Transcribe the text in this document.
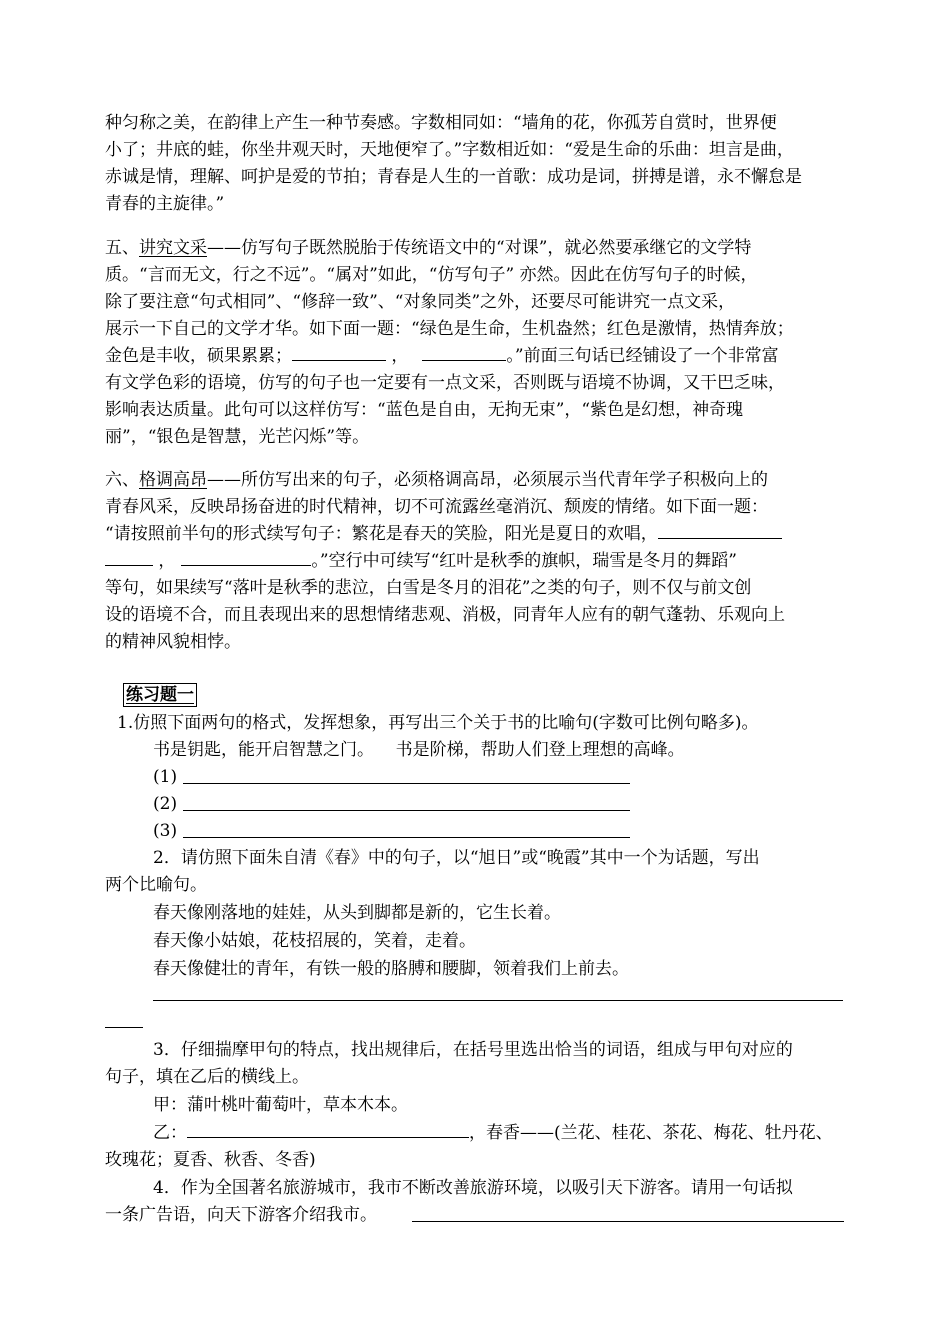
种匀称之美，在韵律上产生一种节奏感。字数相同如：“墙角的花，你孤芳自赏时，世界便
小了；井底的蛙，你坐井观天时，天地便窄了。”字数相近如：“爱是生命的乐曲：坦言是曲，
赤诚是情，理解、呵护是爱的节拍；青春是人生的一首歌：成功是词，拼搏是谱，永不懈怠是
青春的主旋律。”
五、讲究文采——仿写句子既然脱胎于传统语文中的“对课”，就必然要承继它的文学特
质。“言而无文，行之不远”。“属对”如此，“仿写句子” 亦然。因此在仿写句子的时候，
除了要注意“句式相同”、“修辞一致”、“对象同类”之外，还要尽可能讲究一点文采，
展示一下自己的文学才华。如下面一题：“绿色是生命，生机盎然；红色是激情，热情奔放；
金色是丰收，硕果累累；	，	。”前面三句话已经铺设了一个非常富
有文学色彩的语境，仿写的句子也一定要有一点文采，否则既与语境不协调，又干巴乏味，
影响表达质量。此句可以这样仿写：“蓝色是自由，无拘无束”，“紫色是幻想，神奇瑰
丽”，“银色是智慧，光芒闪烁”等。
六、格调高昂——所仿写出来的句子，必须格调高昂，必须展示当代青年学子积极向上的
青春风采，反映昂扬奋进的时代精神，切不可流露丝毫消沉、颓废的情绪。如下面一题：
“请按照前半句的形式续写句子：繁花是春天的笑脸，阳光是夏日的欢唱，
，	。”空行中可续写“红叶是秋季的旗帜，瑞雪是冬月的舞蹈”
等句，如果续写“落叶是秋季的悲泣，白雪是冬月的泪花”之类的句子，则不仅与前文创
设的语境不合，而且表现出来的思想情绪悲观、消极，同青年人应有的朝气蓬勃、乐观向上
的精神风貌相悖。
练习题一
1.仿照下面两句的格式，发挥想象，再写出三个关于书的比喻句(字数可比例句略多)。
书是钥匙，能开启智慧之门。    书是阶梯，帮助人们登上理想的高峰。
(1)
(2)
(3)
2．请仿照下面朱自清《春》中的句子，以“旭日”或“晚霞”其中一个为话题，写出
两个比喻句。
春天像刚落地的娃娃，从头到脚都是新的，它生长着。
春天像小姑娘，花枝招展的，笑着，走着。
春天像健壮的青年，有铁一般的胳膊和腰脚，领着我们上前去。
3．仔细揣摩甲句的特点，找出规律后，在括号里选出恰当的词语，组成与甲句对应的
句子，填在乙后的横线上。
甲：蒲叶桃叶葡萄叶，草本木本。
乙：	，春香——(兰花、桂花、茶花、梅花、牡丹花、
玫瑰花；夏香、秋香、冬香)
4．作为全国著名旅游城市，我市不断改善旅游环境，以吸引天下游客。请用一句话拟
一条广告语，向天下游客介绍我市。
